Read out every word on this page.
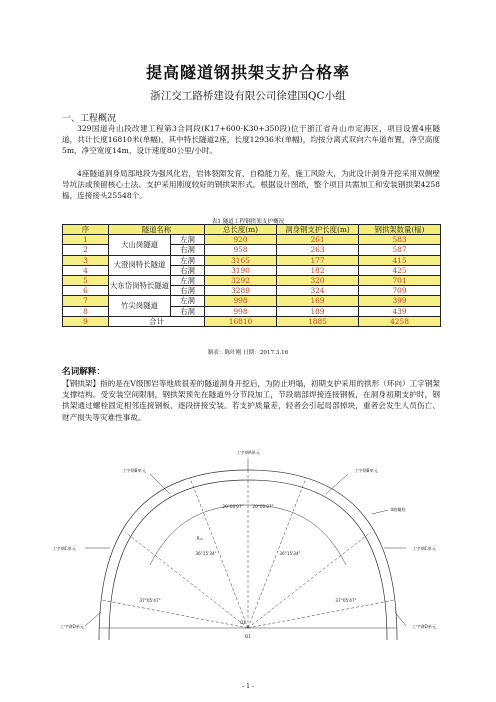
提高隧道钢拱架支护合格率
浙江交工路桥建设有限公司徐建国QC小组
一、工程概况
329国道舟山段改建工程第3合同段(K17+600-K30+350段)位于浙江省舟山市定海区，项目设置4座隧道，共计长度16810米(单幅)，其中特长隧道2座，长度12936米(单幅)，均按分离式双向六车道布置，净空高度5m，净空宽度14m，设计速度80公里/小时。
4座隧道洞身局部地段为强风化岩，岩体裂隙发育，自稳能力差，施工风险大，为此设计洞身开挖采用双侧壁导坑法或预留核心土法、支护采用刚度较好的钢拱架形式。根据设计图纸，整个项目共需加工和安装钢拱架4258榀，连接接头25548个。
表1 隧道工程钢拱架支护概况
序	隧道名称		总长度(m)	洞身钢支护长度(m)	钢拱架数量(榀)
1	大山岗隧道	左洞	920	261	583
2		右洞	958	263	587
3	大澄岗特长隧道	左洞	3165	177	415
4		右洞	3190	182	425
5	大东岱岗特长隧道	左洞	3292	320	701
6		右洞	3289	324	709
7	竹尖岗隧道	左洞	998	169	399
8		右洞	998	189	439
9	合计		16810	1885	4258
制表：陈叶刚 日期：2017.3.16
名词解释：
【钢拱架】指的是在Ⅴ级围岩等地质很差的隧道洞身开挖后，为防止坍塌，初期支护采用的拱形（环向）工字钢架支撑结构。受安装空间限制，钢拱架预先在隧道外分节段加工，节段端部焊接连接钢板，在洞身初期支护时，钢拱架通过螺栓固定相邻连接钢板、逐段拼接安装。若支护质量差，轻者会引起局部掉块，重者会发生人员伤亡、财产损失等灾难性事故。
工字钢A单元
工字钢B单元
工字钢C单元
工字钢D单元
工字钢B单元
4根螺栓
工字钢C单元
工字钢D单元
O1
O1
R=
20°00'07" 20°00'07"
36°15'34"	36°15'34"
37°05'47"	37°05'47"
- 1 -
